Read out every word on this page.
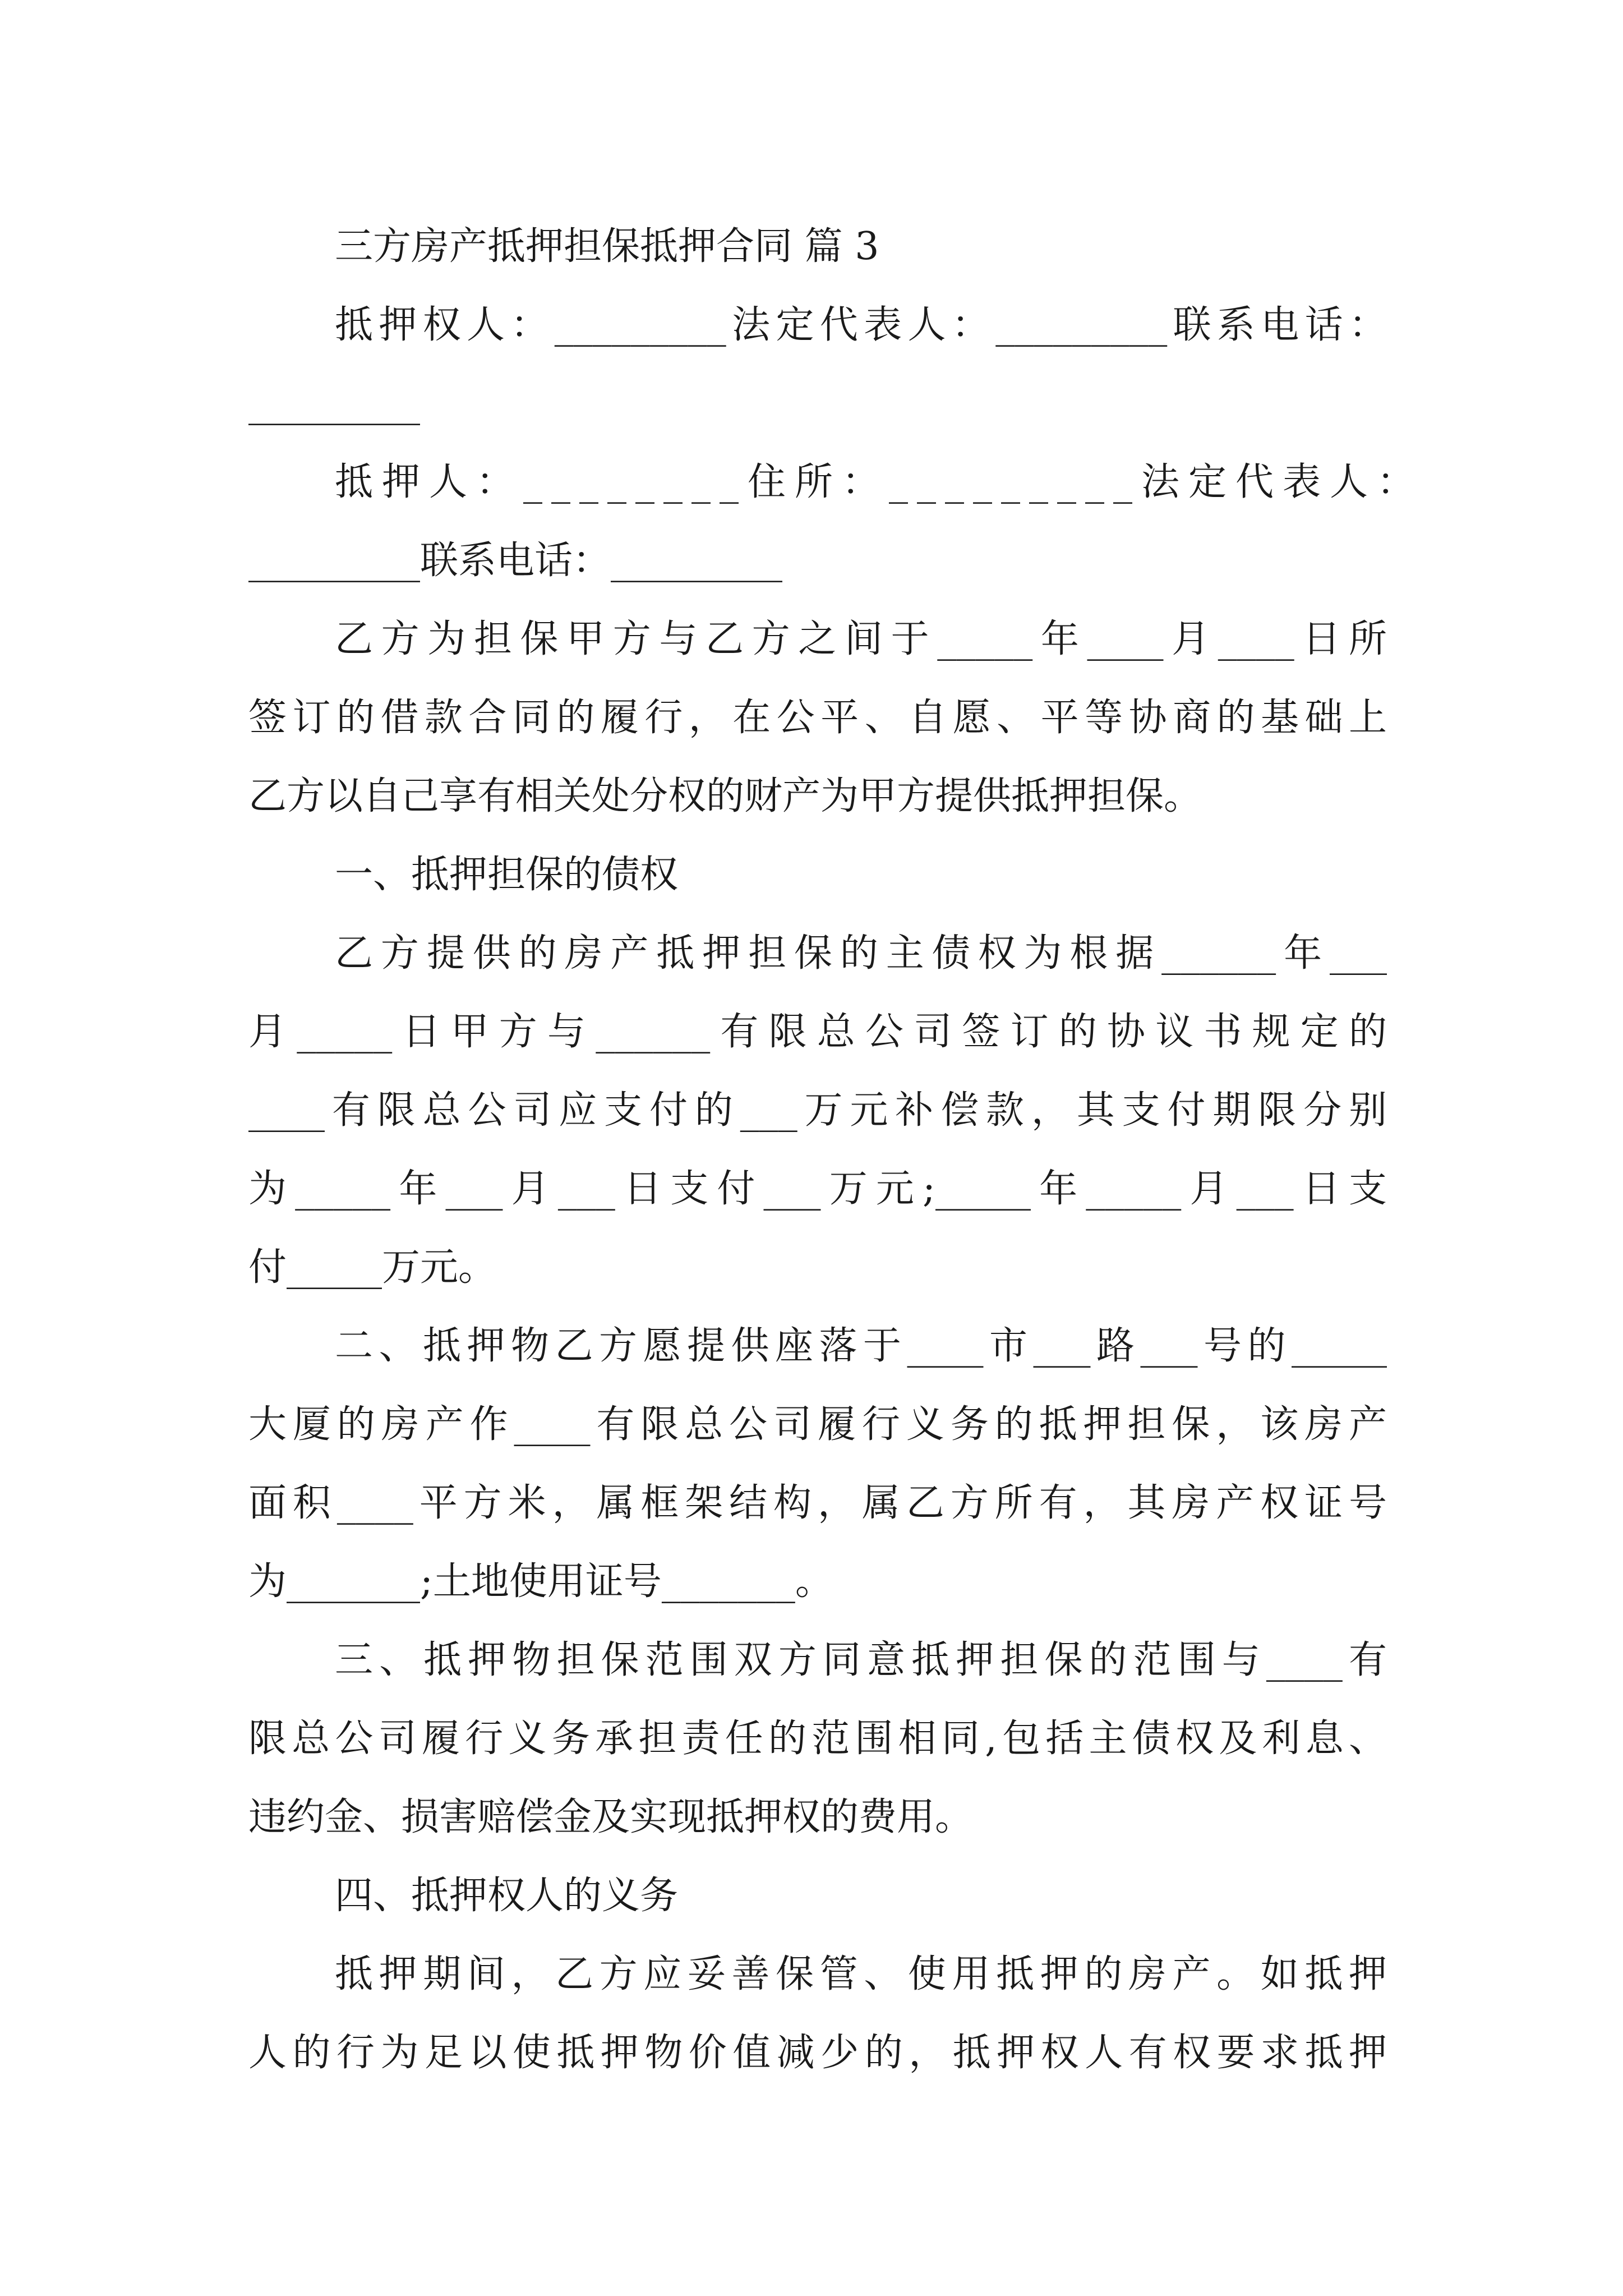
三方房产抵押担保抵押合同 篇 3
抵押权人：_________法定代表人：_________联系电话：
_________
抵押人：________住所：_________法定代表人：
_________联系电话：_________
乙方为担保甲方与乙方之间于_____年____月____日所
签订的借款合同的履行，在公平、自愿、平等协商的基础上
乙方以自己享有相关处分权的财产为甲方提供抵押担保。
一、抵押担保的债权
乙方提供的房产抵押担保的主债权为根据______年___
月_____日甲方与______有限总公司签订的协议书规定的
____有限总公司应支付的___万元补偿款，其支付期限分别
为_____年___月___日支付___万元;_____年_____月___日支
付_____万元。
二、抵押物乙方愿提供座落于____市___路___号的_____
大厦的房产作____有限总公司履行义务的抵押担保，该房产
面积____平方米，属框架结构，属乙方所有，其房产权证号
为_______;土地使用证号_______。
三、抵押物担保范围双方同意抵押担保的范围与____有
限总公司履行义务承担责任的范围相同,包括主债权及利息、
违约金、损害赔偿金及实现抵押权的费用。
四、抵押权人的义务
抵押期间，乙方应妥善保管、使用抵押的房产。如抵押
人的行为足以使抵押物价值减少的，抵押权人有权要求抵押
